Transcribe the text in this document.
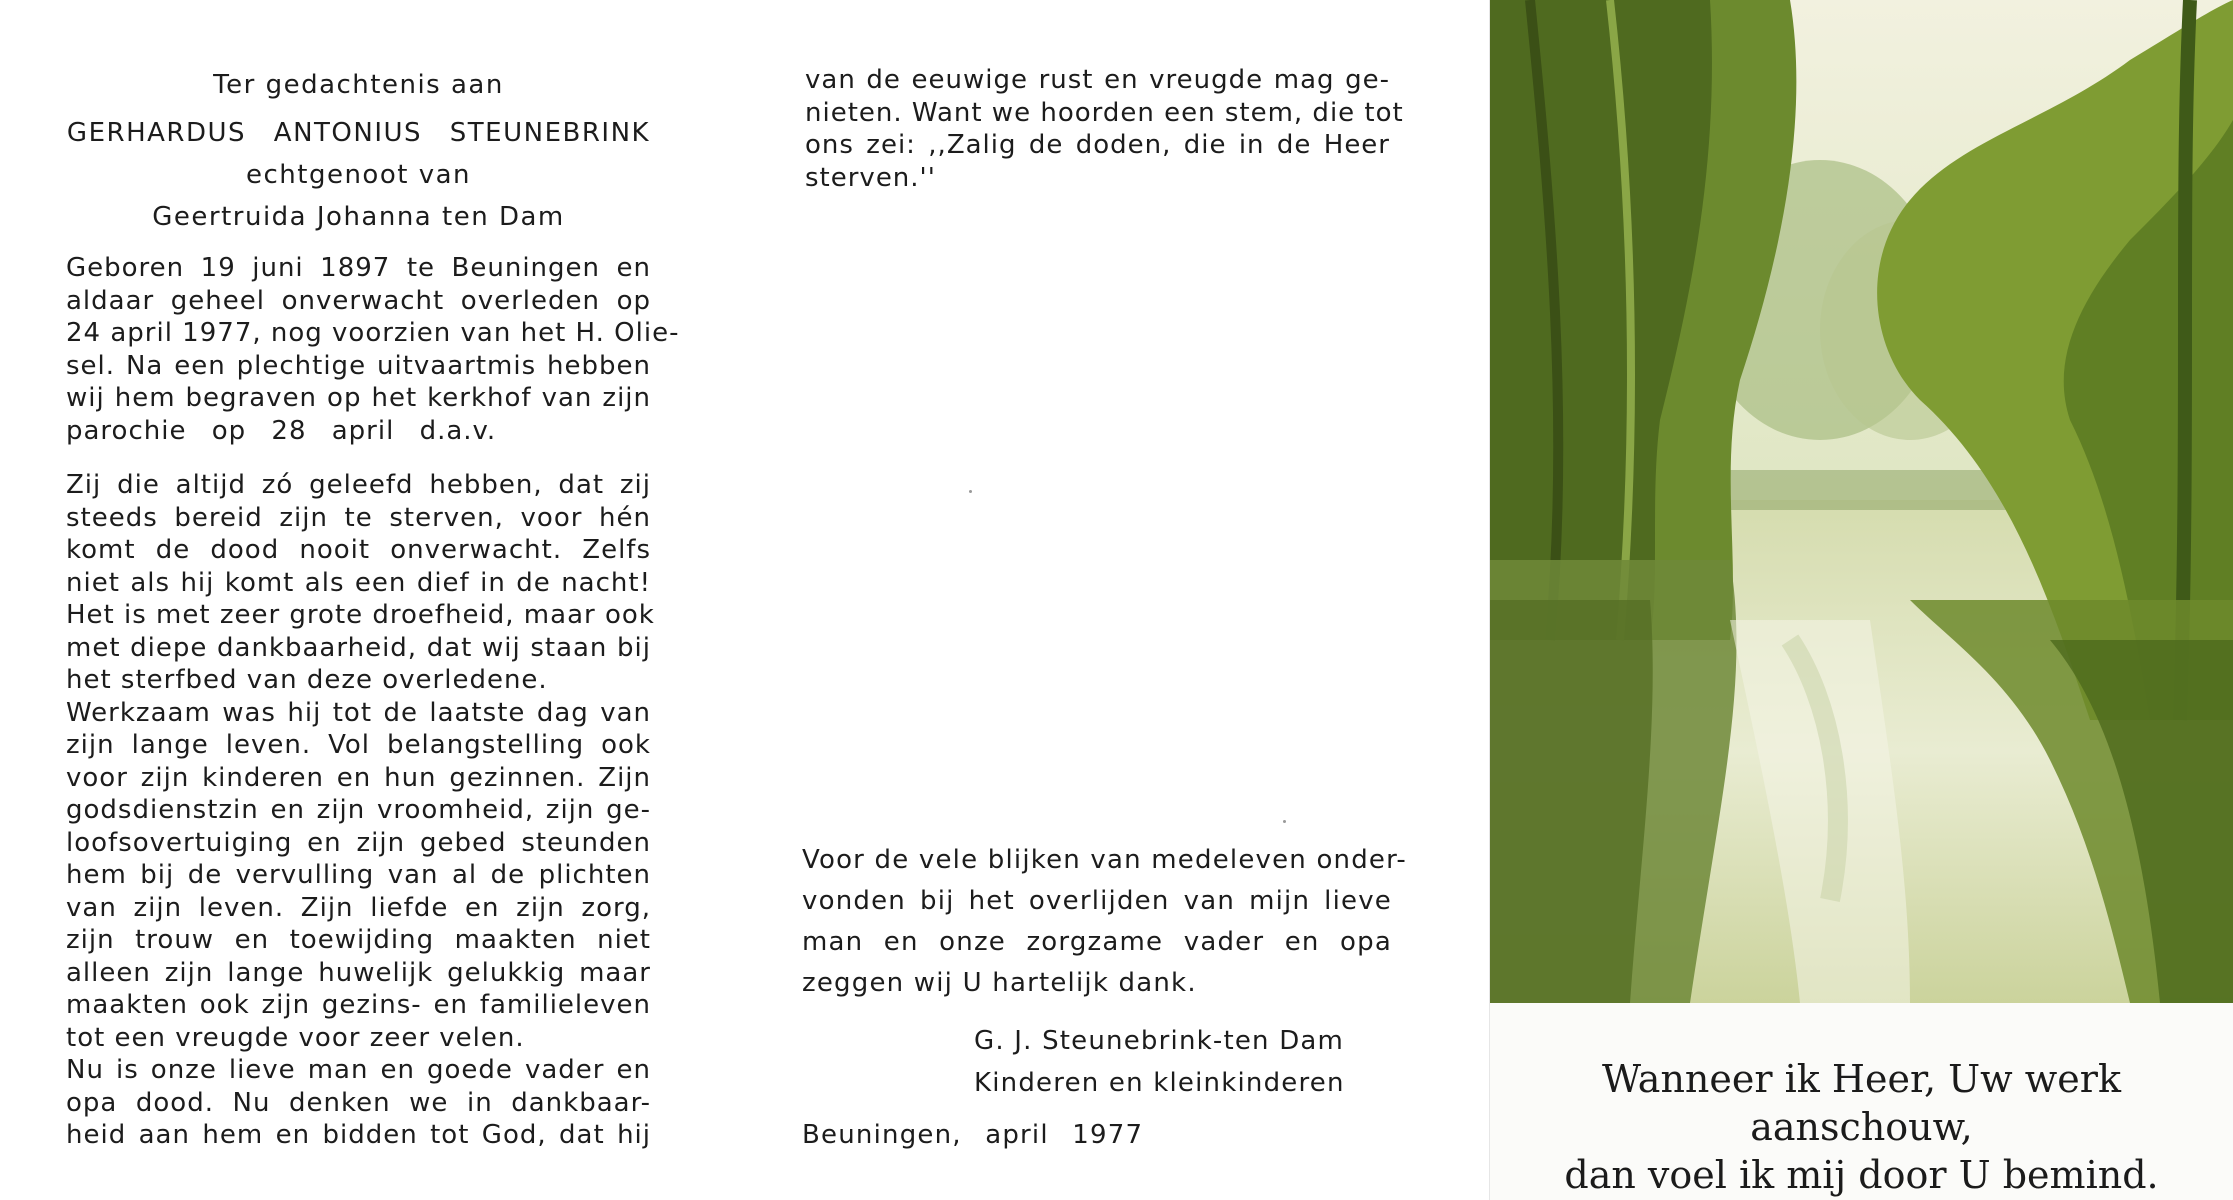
Ter gedachtenis aan
GERHARDUS ANTONIUS STEUNEBRINK
echtgenoot van
Geertruida Johanna ten Dam
Geboren 19 juni 1897 te Beuningen en
aldaar geheel onverwacht overleden op
24 april 1977, nog voorzien van het H. Olie-
sel. Na een plechtige uitvaartmis hebben
wij hem begraven op het kerkhof van zijn
parochie op 28 april d.a.v.
Zij die altijd zó geleefd hebben, dat zij
steeds bereid zijn te sterven, voor hén
komt de dood nooit onverwacht. Zelfs
niet als hij komt als een dief in de nacht!
Het is met zeer grote droefheid, maar ook
met diepe dankbaarheid, dat wij staan bij
het sterfbed van deze overledene.
Werkzaam was hij tot de laatste dag van
zijn lange leven. Vol belangstelling ook
voor zijn kinderen en hun gezinnen. Zijn
godsdienstzin en zijn vroomheid, zijn ge-
loofsovertuiging en zijn gebed steunden
hem bij de vervulling van al de plichten
van zijn leven. Zijn liefde en zijn zorg,
zijn trouw en toewijding maakten niet
alleen zijn lange huwelijk gelukkig maar
maakten ook zijn gezins- en familieleven
tot een vreugde voor zeer velen.
Nu is onze lieve man en goede vader en
opa dood. Nu denken we in dankbaar-
heid aan hem en bidden tot God, dat hij
van de eeuwige rust en vreugde mag ge-
nieten. Want we hoorden een stem, die tot
ons zei: ,,Zalig de doden, die in de Heer
sterven.''
Voor de vele blijken van medeleven onder-
vonden bij het overlijden van mijn lieve
man en onze zorgzame vader en opa
zeggen wij U hartelijk dank.
G. J. Steunebrink-ten Dam
Kinderen en kleinkinderen
Beuningen, april 1977
Wanneer ik Heer, Uw werk aanschouw,
dan voel ik mij door U bemind.
